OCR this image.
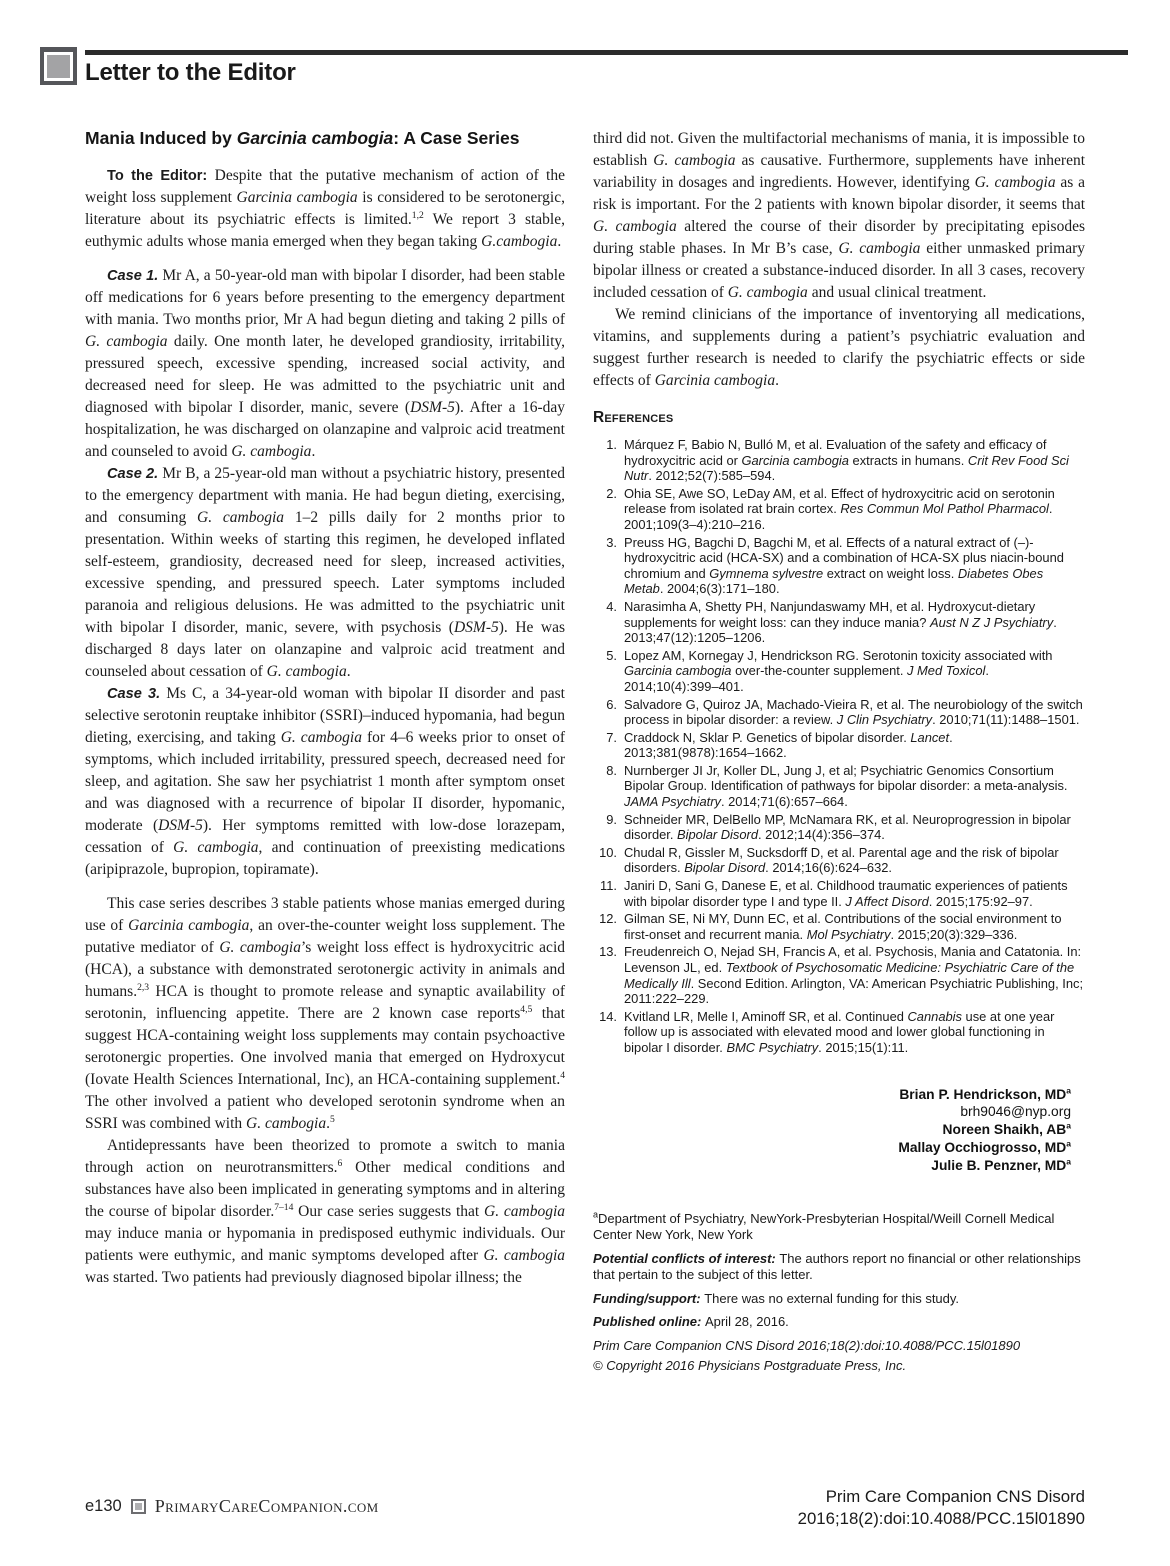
Letter to the Editor
Mania Induced by Garcinia cambogia: A Case Series

To the Editor: Despite that the putative mechanism of action of the weight loss supplement Garcinia cambogia is considered to be serotonergic, literature about its psychiatric effects is limited.$^{1,2}$ We report 3 stable, euthymic adults whose mania emerged when they began taking G.cambogia.

Case 1. Mr A, a 50-year-old man with bipolar I disorder, had been stable off medications for 6 years before presenting to the emergency department with mania. Two months prior, Mr A had begun dieting and taking 2 pills of G. cambogia daily. One month later, he developed grandiosity, irritability, pressured speech, excessive spending, increased social activity, and decreased need for sleep. He was admitted to the psychiatric unit and diagnosed with bipolar I disorder, manic, severe (DSM-5). After a 16-day hospitalization, he was discharged on olanzapine and valproic acid treatment and counseled to avoid G. cambogia.

Case 2. Mr B, a 25-year-old man without a psychiatric history, presented to the emergency department with mania. He had begun dieting, exercising, and consuming G. cambogia 1–2 pills daily for 2 months prior to presentation. Within weeks of starting this regimen, he developed inflated self-esteem, grandiosity, decreased need for sleep, increased activities, excessive spending, and pressured speech. Later symptoms included paranoia and religious delusions. He was admitted to the psychiatric unit with bipolar I disorder, manic, severe, with psychosis (DSM-5). He was discharged 8 days later on olanzapine and valproic acid treatment and counseled about cessation of G. cambogia.

Case 3. Ms C, a 34-year-old woman with bipolar II disorder and past selective serotonin reuptake inhibitor (SSRI)–induced hypomania, had begun dieting, exercising, and taking G. cambogia for 4–6 weeks prior to onset of symptoms, which included irritability, pressured speech, decreased need for sleep, and agitation. She saw her psychiatrist 1 month after symptom onset and was diagnosed with a recurrence of bipolar II disorder, hypomanic, moderate (DSM-5). Her symptoms remitted with low-dose lorazepam, cessation of G. cambogia, and continuation of preexisting medications (aripiprazole, bupropion, topiramate).

This case series describes 3 stable patients whose manias emerged during use of Garcinia cambogia, an over-the-counter weight loss supplement. The putative mediator of G. cambogia’s weight loss effect is hydroxycitric acid (HCA), a substance with demonstrated serotonergic activity in animals and humans.$^{2,3}$ HCA is thought to promote release and synaptic availability of serotonin, influencing appetite. There are 2 known case reports$^{4,5}$ that suggest HCA-containing weight loss supplements may contain psychoactive serotonergic properties. One involved mania that emerged on Hydroxycut (Iovate Health Sciences International, Inc), an HCA-containing supplement.$^4$ The other involved a patient who developed serotonin syndrome when an SSRI was combined with G. cambogia.$^5$

Antidepressants have been theorized to promote a switch to mania through action on neurotransmitters.$^6$ Other medical conditions and substances have also been implicated in generating symptoms and in altering the course of bipolar disorder.$^{7-14}$ Our case series suggests that G. cambogia may induce mania or hypomania in predisposed euthymic individuals. Our patients were euthymic, and manic symptoms developed after G. cambogia was started. Two patients had previously diagnosed bipolar illness; the

third did not. Given the multifactorial mechanisms of mania, it is impossible to establish G. cambogia as causative. Furthermore, supplements have inherent variability in dosages and ingredients. However, identifying G. cambogia as a risk is important. For the 2 patients with known bipolar disorder, it seems that G. cambogia altered the course of their disorder by precipitating episodes during stable phases. In Mr B’s case, G. cambogia either unmasked primary bipolar illness or created a substance-induced disorder. In all 3 cases, recovery included cessation of G. cambogia and usual clinical treatment.

We remind clinicians of the importance of inventorying all medications, vitamins, and supplements during a patient’s psychiatric evaluation and suggest further research is needed to clarify the psychiatric effects or side effects of Garcinia cambogia.

References
1. Márquez F, Babio N, Bulló M, et al. Evaluation of the safety and efficacy of hydroxycitric acid or Garcinia cambogia extracts in humans. Crit Rev Food Sci Nutr. 2012;52(7):585–594.
2. Ohia SE, Awe SO, LeDay AM, et al. Effect of hydroxycitric acid on serotonin release from isolated rat brain cortex. Res Commun Mol Pathol Pharmacol. 2001;109(3–4):210–216.
3. Preuss HG, Bagchi D, Bagchi M, et al. Effects of a natural extract of (–)-hydroxycitric acid (HCA-SX) and a combination of HCA-SX plus niacin-bound chromium and Gymnema sylvestre extract on weight loss. Diabetes Obes Metab. 2004;6(3):171–180.
4. Narasimha A, Shetty PH, Nanjundaswamy MH, et al. Hydroxycut-dietary supplements for weight loss: can they induce mania? Aust N Z J Psychiatry. 2013;47(12):1205–1206.
5. Lopez AM, Kornegay J, Hendrickson RG. Serotonin toxicity associated with Garcinia cambogia over-the-counter supplement. J Med Toxicol. 2014;10(4):399–401.
6. Salvadore G, Quiroz JA, Machado-Vieira R, et al. The neurobiology of the switch process in bipolar disorder: a review. J Clin Psychiatry. 2010;71(11):1488–1501.
7. Craddock N, Sklar P. Genetics of bipolar disorder. Lancet. 2013;381(9878):1654–1662.
8. Nurnberger JI Jr, Koller DL, Jung J, et al; Psychiatric Genomics Consortium Bipolar Group. Identification of pathways for bipolar disorder: a meta-analysis. JAMA Psychiatry. 2014;71(6):657–664.
9. Schneider MR, DelBello MP, McNamara RK, et al. Neuroprogression in bipolar disorder. Bipolar Disord. 2012;14(4):356–374.
10. Chudal R, Gissler M, Sucksdorff D, et al. Parental age and the risk of bipolar disorders. Bipolar Disord. 2014;16(6):624–632.
11. Janiri D, Sani G, Danese E, et al. Childhood traumatic experiences of patients with bipolar disorder type I and type II. J Affect Disord. 2015;175:92–97.
12. Gilman SE, Ni MY, Dunn EC, et al. Contributions of the social environment to first-onset and recurrent mania. Mol Psychiatry. 2015;20(3):329–336.
13. Freudenreich O, Nejad SH, Francis A, et al. Psychosis, Mania and Catatonia. In: Levenson JL, ed. Textbook of Psychosomatic Medicine: Psychiatric Care of the Medically Ill. Second Edition. Arlington, VA: American Psychiatric Publishing, Inc; 2011:222–229.
14. Kvitland LR, Melle I, Aminoff SR, et al. Continued Cannabis use at one year follow up is associated with elevated mood and lower global functioning in bipolar I disorder. BMC Psychiatry. 2015;15(1):11.

Brian P. Hendrickson, $MD^a$

brh9046@nyp.org

Noreen Shaikh, $AB^a$

Mallay Occhiogrosso, $MD^a$

Julie B. Penzner, $MD^a$

$^a$Department of Psychiatry, NewYork-Presbyterian Hospital/Weill Cornell Medical Center New York, New York

Potential conflicts of interest: The authors report no financial or other relationships that pertain to the subject of this letter.

Funding/support: There was no external funding for this study.

Published online: April 28, 2016.

Prim Care Companion CNS Disord 2016;18(2):doi:10.4088/PCC.15l01890

© Copyright 2016 Physicians Postgraduate Press, Inc.

e130 PrimaryCareCompanion.com	Prim Care Companion CNS Disord
2016;18(2):doi:10.4088/PCC.15l01890
